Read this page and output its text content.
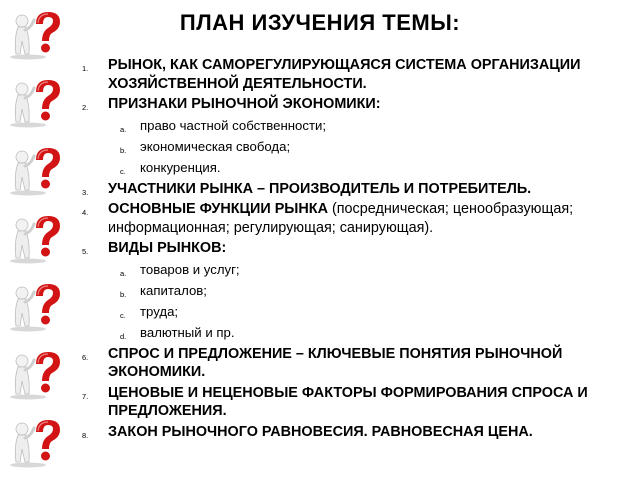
ПЛАН ИЗУЧЕНИЯ ТЕМЫ:
1. РЫНОК, КАК САМОРЕГУЛИРУЮЩАЯСЯ СИСТЕМА ОРГАНИЗАЦИИ ХОЗЯЙСТВЕННОЙ ДЕЯТЕЛЬНОСТИ.
2. ПРИЗНАКИ РЫНОЧНОЙ ЭКОНОМИКИ:
a. право частной собственности;
b. экономическая свобода;
c. конкуренция.
3. УЧАСТНИКИ РЫНКА – ПРОИЗВОДИТЕЛЬ И ПОТРЕБИТЕЛЬ.
4. ОСНОВНЫЕ ФУНКЦИИ РЫНКА (посредническая; ценообразующая; информационная; регулирующая; санирующая).
5. ВИДЫ РЫНКОВ:
a. товаров и услуг;
b. капиталов;
c. труда;
d. валютный и пр.
6. СПРОС И ПРЕДЛОЖЕНИЕ – КЛЮЧЕВЫЕ ПОНЯТИЯ РЫНОЧНОЙ ЭКОНОМИКИ.
7. ЦЕНОВЫЕ И НЕЦЕНОВЫЕ ФАКТОРЫ ФОРМИРОВАНИЯ СПРОСА И ПРЕДЛОЖЕНИЯ.
8. ЗАКОН РЫНОЧНОГО РАВНОВЕСИЯ. РАВНОВЕСНАЯ ЦЕНА.
